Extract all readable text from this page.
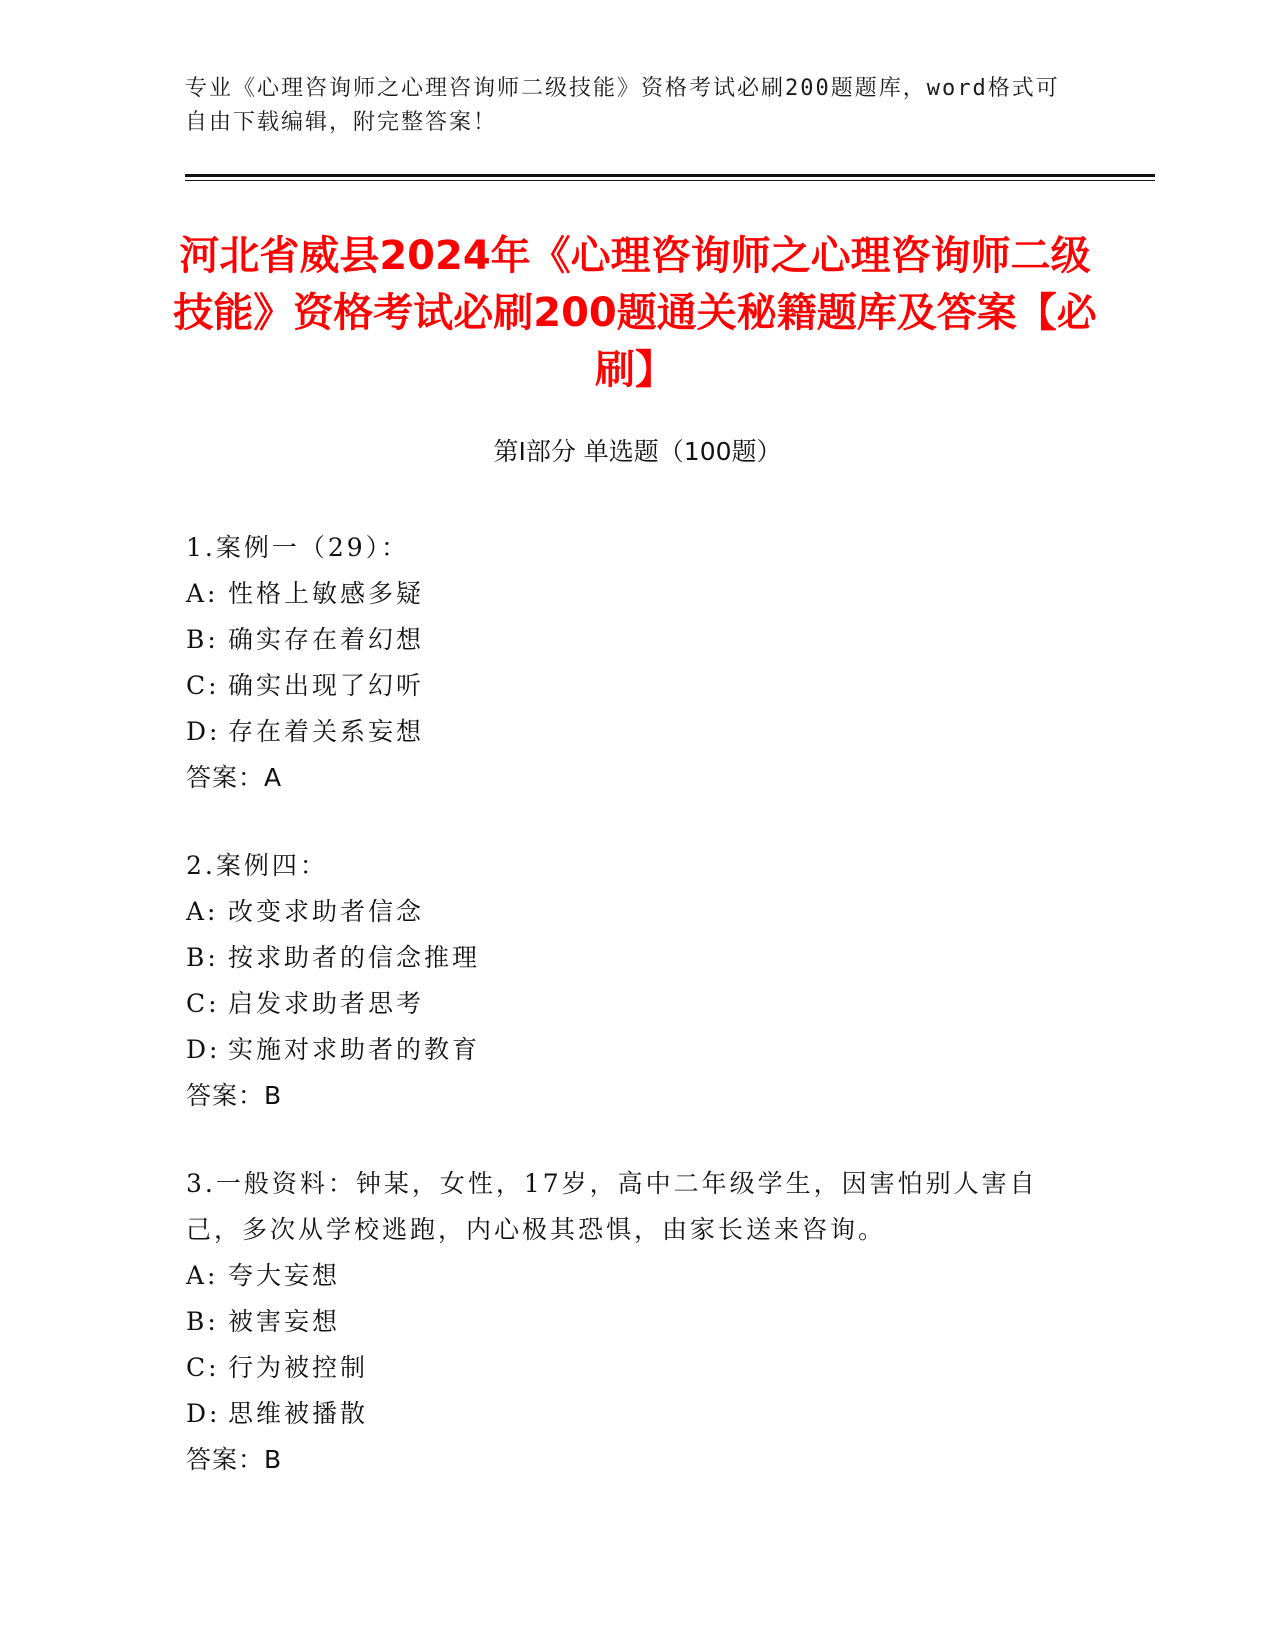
专业《心理咨询师之心理咨询师二级技能》资格考试必刷200题题库，word格式可自由下载编辑，附完整答案！
河北省威县2024年《心理咨询师之心理咨询师二级技能》资格考试必刷200题通关秘籍题库及答案【必刷】
第Ⅰ部分 单选题（100题）
1.案例一（29）：
A: 性格上敏感多疑
B: 确实存在着幻想
C: 确实出现了幻听
D: 存在着关系妄想
答案：A
2.案例四：
A: 改变求助者信念
B: 按求助者的信念推理
C: 启发求助者思考
D: 实施对求助者的教育
答案：B
3.一般资料：钟某，女性，17岁，高中二年级学生，因害怕别人害自己，多次从学校逃跑，内心极其恐惧，由家长送来咨询。
A: 夸大妄想
B: 被害妄想
C: 行为被控制
D: 思维被播散
答案：B
